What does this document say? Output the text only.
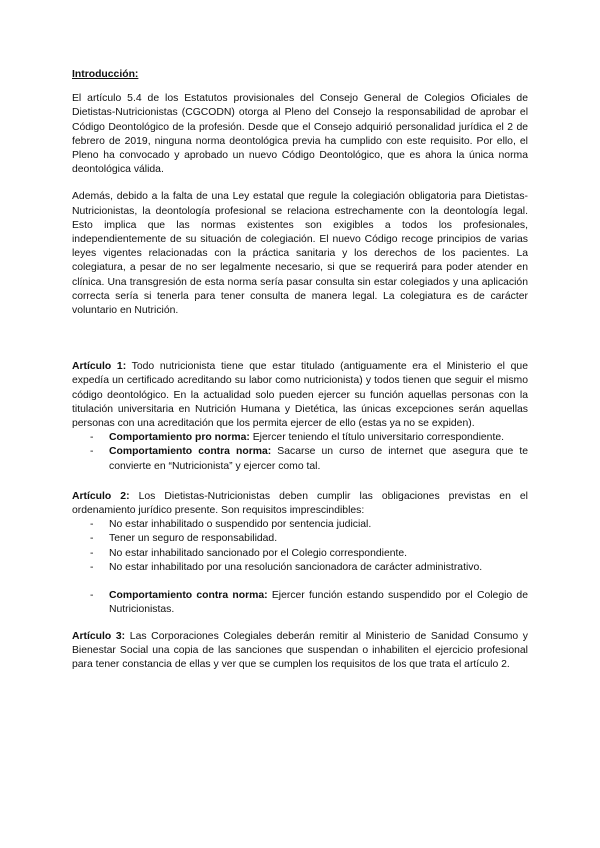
Introducción:

El artículo 5.4 de los Estatutos provisionales del Consejo General de Colegios Oficiales de Dietistas-Nutricionistas (CGCODN) otorga al Pleno del Consejo la responsabilidad de aprobar el Código Deontológico de la profesión. Desde que el Consejo adquirió personalidad jurídica el 2 de febrero de 2019, ninguna norma deontológica previa ha cumplido con este requisito. Por ello, el Pleno ha convocado y aprobado un nuevo Código Deontológico, que es ahora la única norma deontológica válida.

Además, debido a la falta de una Ley estatal que regule la colegiación obligatoria para Dietistas-Nutricionistas, la deontología profesional se relaciona estrechamente con la deontología legal. Esto implica que las normas existentes son exigibles a todos los profesionales, independientemente de su situación de colegiación. El nuevo Código recoge principios de varias leyes vigentes relacionadas con la práctica sanitaria y los derechos de los pacientes. La colegiatura, a pesar de no ser legalmente necesario, si que se requerirá para poder atender en clínica. Una transgresión de esta norma sería pasar consulta sin estar colegiados y una aplicación correcta sería si tenerla para tener consulta de manera legal. La colegiatura es de carácter voluntario en Nutrición.

Artículo 1: Todo nutricionista tiene que estar titulado (antiguamente era el Ministerio el que expedía un certificado acreditando su labor como nutricionista) y todos tienen que seguir el mismo código deontológico. En la actualidad solo pueden ejercer su función aquellas personas con la titulación universitaria en Nutrición Humana y Dietética, las únicas excepciones serán aquellas personas con una acreditación que los permita ejercer de ello (estas ya no se expiden).

- Comportamiento pro norma: Ejercer teniendo el título universitario correspondiente.
- Comportamiento contra norma: Sacarse un curso de internet que asegura que te convierte en “Nutricionista” y ejercer como tal.

Artículo 2: Los Dietistas-Nutricionistas deben cumplir las obligaciones previstas en el ordenamiento jurídico presente. Son requisitos imprescindibles:

- No estar inhabilitado o suspendido por sentencia judicial.
- Tener un seguro de responsabilidad.
- No estar inhabilitado sancionado por el Colegio correspondiente.
- No estar inhabilitado por una resolución sancionadora de carácter administrativo.
- Comportamiento contra norma: Ejercer función estando suspendido por el Colegio de Nutricionistas.

Artículo 3: Las Corporaciones Colegiales deberán remitir al Ministerio de Sanidad Consumo y Bienestar Social una copia de las sanciones que suspendan o inhabiliten el ejercicio profesional para tener constancia de ellas y ver que se cumplen los requisitos de los que trata el artículo 2.
